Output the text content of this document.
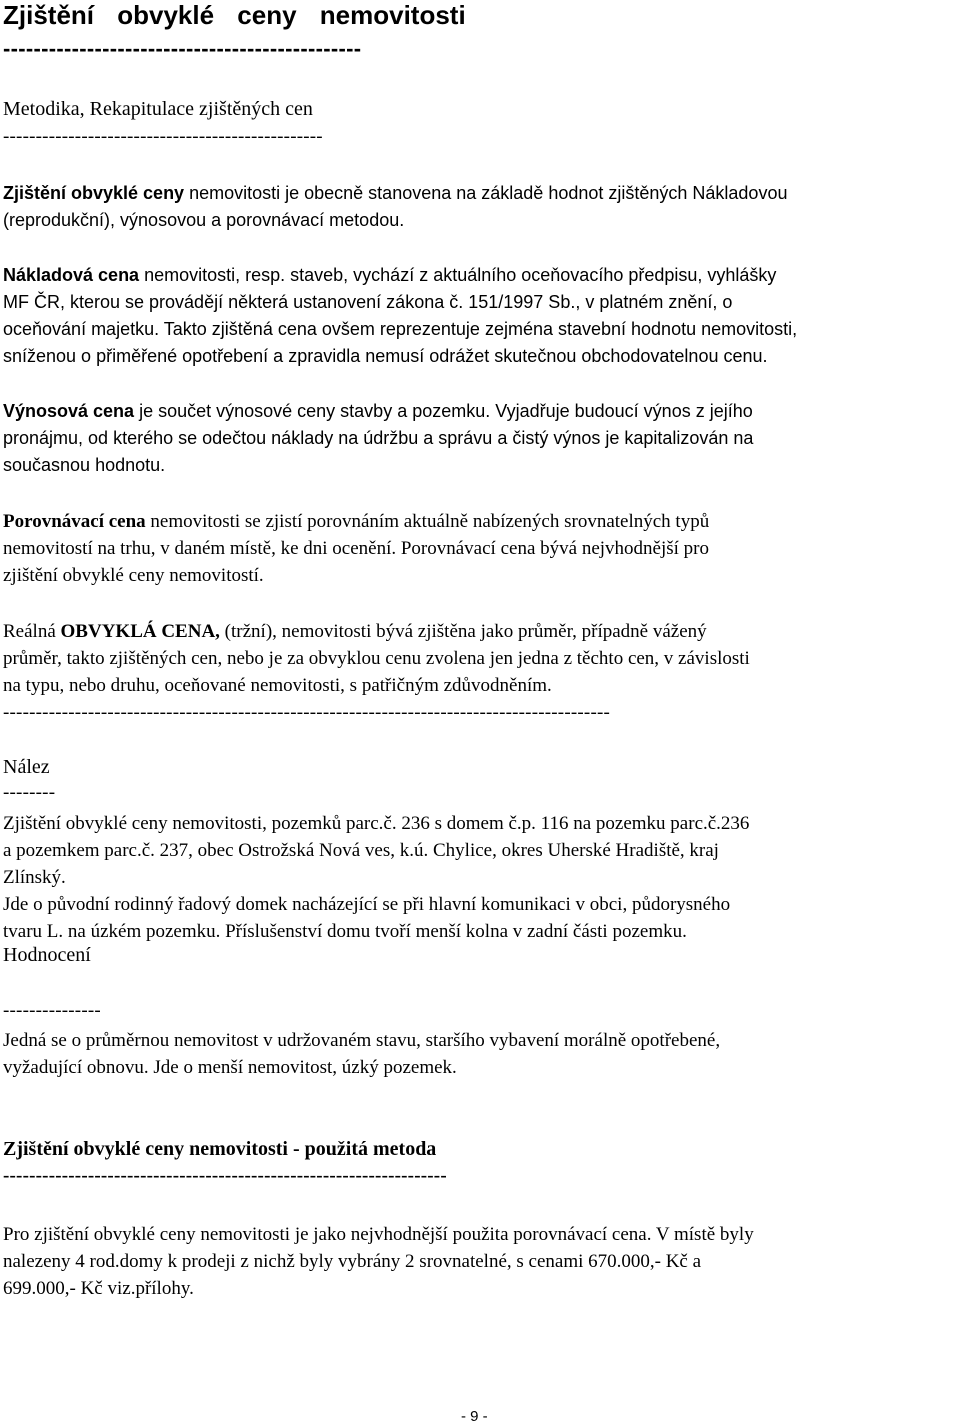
Zjištění obvyklé ceny nemovitosti
-----------------------------------------------
Metodika, Rekapitulace zjištěných cen
-------------------------------------------------
Zjištění obvyklé ceny nemovitosti je obecně stanovena na základě hodnot zjištěných Nákladovou
(reprodukční), výnosovou a porovnávací metodou.
Nákladová cena nemovitosti, resp. staveb, vychází z aktuálního oceňovacího předpisu, vyhlášky
MF ČR, kterou se provádějí některá ustanovení zákona č. 151/1997 Sb., v platném znění, o
oceňování majetku. Takto zjištěná cena ovšem reprezentuje zejména stavební hodnotu nemovitosti,
sníženou o přiměřené opotřebení a zpravidla nemusí odrážet skutečnou obchodovatelnou cenu.
Výnosová cena je součet výnosové ceny stavby a pozemku. Vyjadřuje budoucí výnos z jejího
pronájmu, od kterého se odečtou náklady na údržbu a správu a čistý výnos je kapitalizován na
současnou hodnotu.
Porovnávací cena nemovitosti se zjistí porovnáním aktuálně nabízených srovnatelných typů
nemovitostí na trhu, v daném místě, ke dni ocenění. Porovnávací cena bývá nejvhodnější pro
zjištění obvyklé ceny nemovitostí.
Reálná OBVYKLÁ CENA, (tržní), nemovitosti bývá zjištěna jako průměr, případně vážený
průměr, takto zjištěných cen, nebo je za obvyklou cenu zvolena jen jedna z těchto cen, v závislosti
na typu, nebo druhu, oceňované nemovitosti, s patřičným zdůvodněním.
---------------------------------------------------------------------------------------------
Nález
--------
Zjištění obvyklé ceny nemovitosti, pozemků parc.č. 236 s domem č.p. 116 na pozemku parc.č.236
a pozemkem parc.č. 237, obec Ostrožská Nová ves, k.ú. Chylice, okres Uherské Hradiště, kraj
Zlínský.
Jde o původní rodinný řadový domek nacházející se při hlavní komunikaci v obci, půdorysného
tvaru L. na úzkém pozemku. Příslušenství domu tvoří menší kolna v zadní části pozemku.
Hodnocení
---------------
Jedná se o průměrnou nemovitost v udržovaném stavu, staršího vybavení morálně opotřebené,
vyžadující obnovu. Jde o menší nemovitost, úzký pozemek.
Zjištění obvyklé ceny nemovitosti - použitá metoda
--------------------------------------------------------------------
Pro zjištění obvyklé ceny nemovitosti je jako nejvhodnější použita porovnávací cena. V místě byly
nalezeny 4 rod.domy k prodeji z nichž byly vybrány 2 srovnatelné, s cenami 670.000,- Kč a
699.000,- Kč viz.přílohy.
- 9 -
